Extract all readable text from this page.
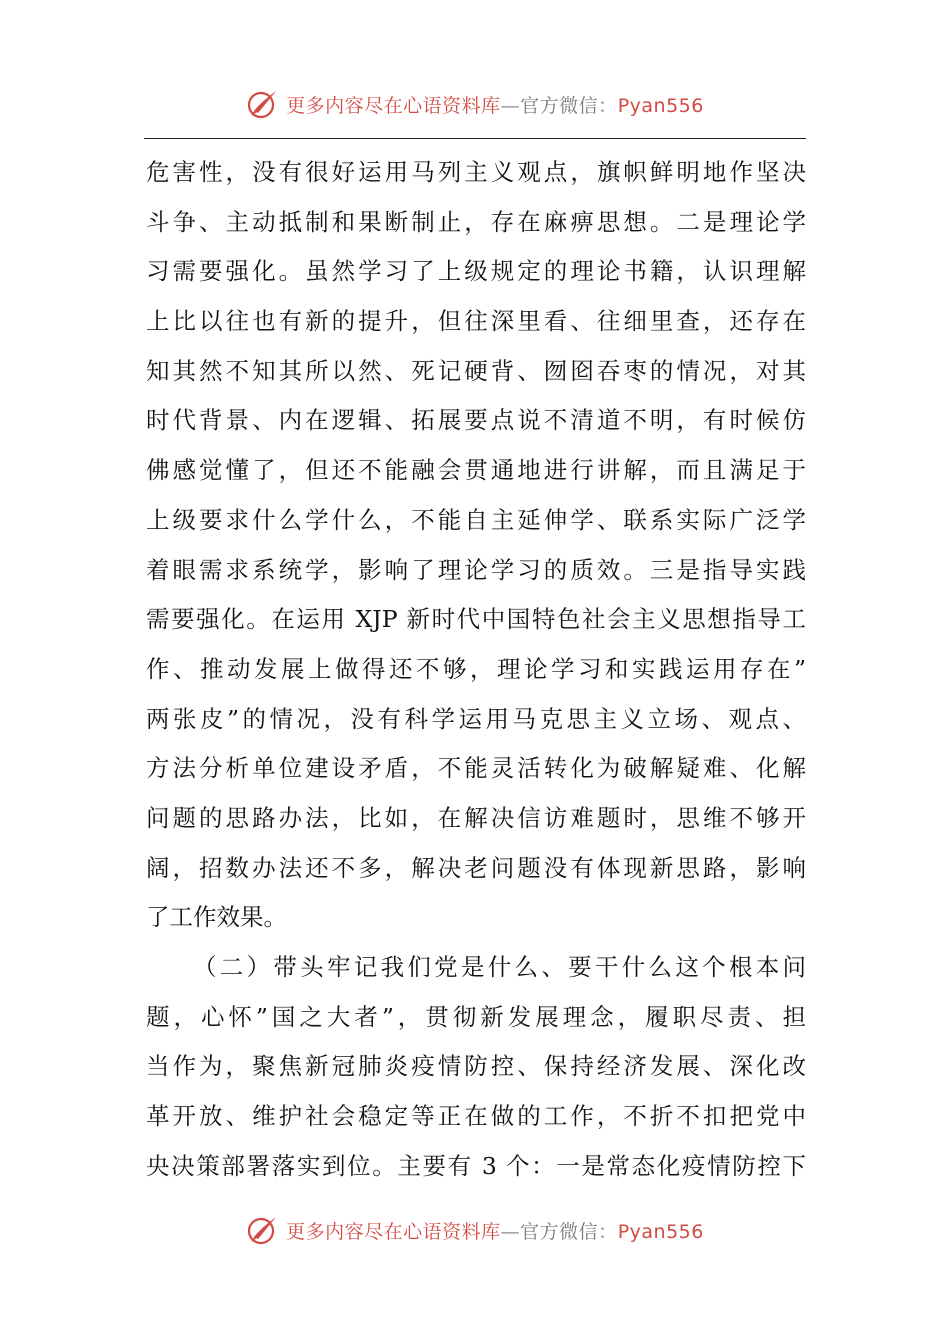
更多内容尽在心语资料库—官方微信：Pyan556
危害性，没有很好运用马列主义观点，旗帜鲜明地作坚决
斗争、主动抵制和果断制止，存在麻痹思想。二是理论学
习需要强化。虽然学习了上级规定的理论书籍，认识理解
上比以往也有新的提升，但往深里看、往细里查，还存在
知其然不知其所以然、死记硬背、囫囵吞枣的情况，对其
时代背景、内在逻辑、拓展要点说不清道不明，有时候仿
佛感觉懂了，但还不能融会贯通地进行讲解，而且满足于
上级要求什么学什么，不能自主延伸学、联系实际广泛学
着眼需求系统学，影响了理论学习的质效。三是指导实践
需要强化。在运用 XJP 新时代中国特色社会主义思想指导工
作、推动发展上做得还不够，理论学习和实践运用存在”
两张皮”的情况，没有科学运用马克思主义立场、观点、
方法分析单位建设矛盾，不能灵活转化为破解疑难、化解
问题的思路办法，比如，在解决信访难题时，思维不够开
阔，招数办法还不多，解决老问题没有体现新思路，影响
了工作效果。
（二）带头牢记我们党是什么、要干什么这个根本问
题，心怀”国之大者”，贯彻新发展理念，履职尽责、担
当作为，聚焦新冠肺炎疫情防控、保持经济发展、深化改
革开放、维护社会稳定等正在做的工作，不折不扣把党中
央决策部署落实到位。主要有 3 个：一是常态化疫情防控下
更多内容尽在心语资料库—官方微信：Pyan556
